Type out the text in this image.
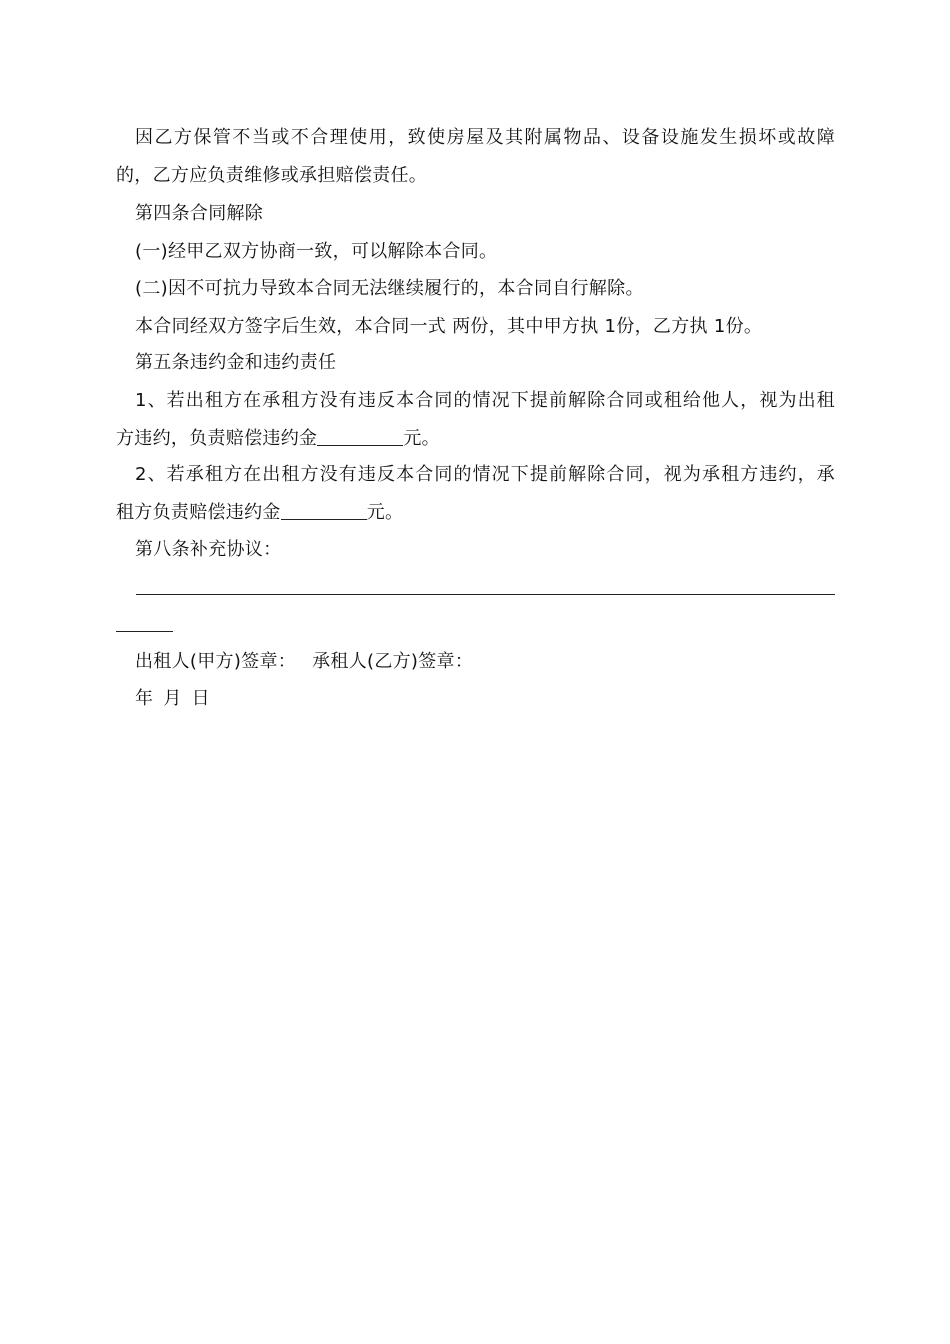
因乙方保管不当或不合理使用，致使房屋及其附属物品、设备设施发生损坏或故障
的，乙方应负责维修或承担赔偿责任。
第四条合同解除
(一)经甲乙双方协商一致，可以解除本合同。
(二)因不可抗力导致本合同无法继续履行的，本合同自行解除。
本合同经双方签字后生效，本合同一式 两份，其中甲方执 1份，乙方执 1份。
第五条违约金和违约责任
1、若出租方在承租方没有违反本合同的情况下提前解除合同或租给他人，视为出租
方违约，负责赔偿违约金	元。
2、若承租方在出租方没有违反本合同的情况下提前解除合同，视为承租方违约，承
租方负责赔偿违约金	元。
第八条补充协议：
出租人(甲方)签章： 承租人(乙方)签章：
年 月 日
